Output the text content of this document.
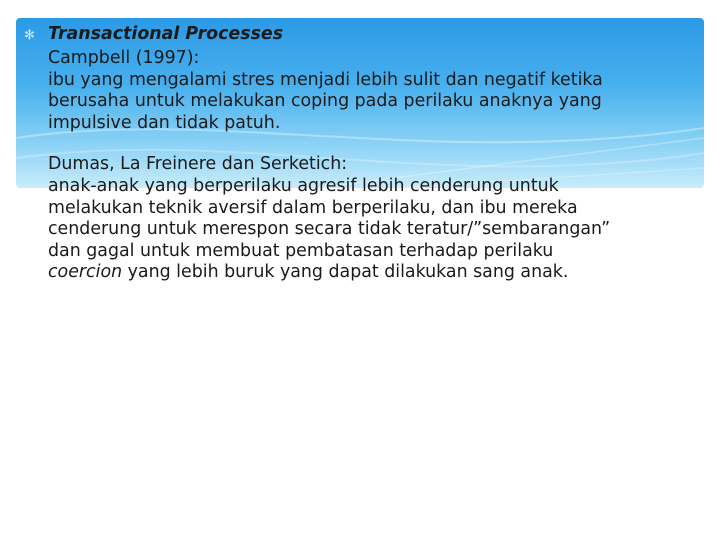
✻ Transactional Processes
Campbell (1997):
ibu yang mengalami stres menjadi lebih sulit dan negatif ketika
berusaha untuk melakukan coping pada perilaku anaknya yang
impulsive dan tidak patuh.
Dumas, La Freinere dan Serketich:
anak-anak yang berperilaku agresif lebih cenderung untuk
melakukan teknik aversif dalam berperilaku, dan ibu mereka
cenderung untuk merespon secara tidak teratur/”sembarangan”
dan gagal untuk membuat pembatasan terhadap perilaku
coercion yang lebih buruk yang dapat dilakukan sang anak.
